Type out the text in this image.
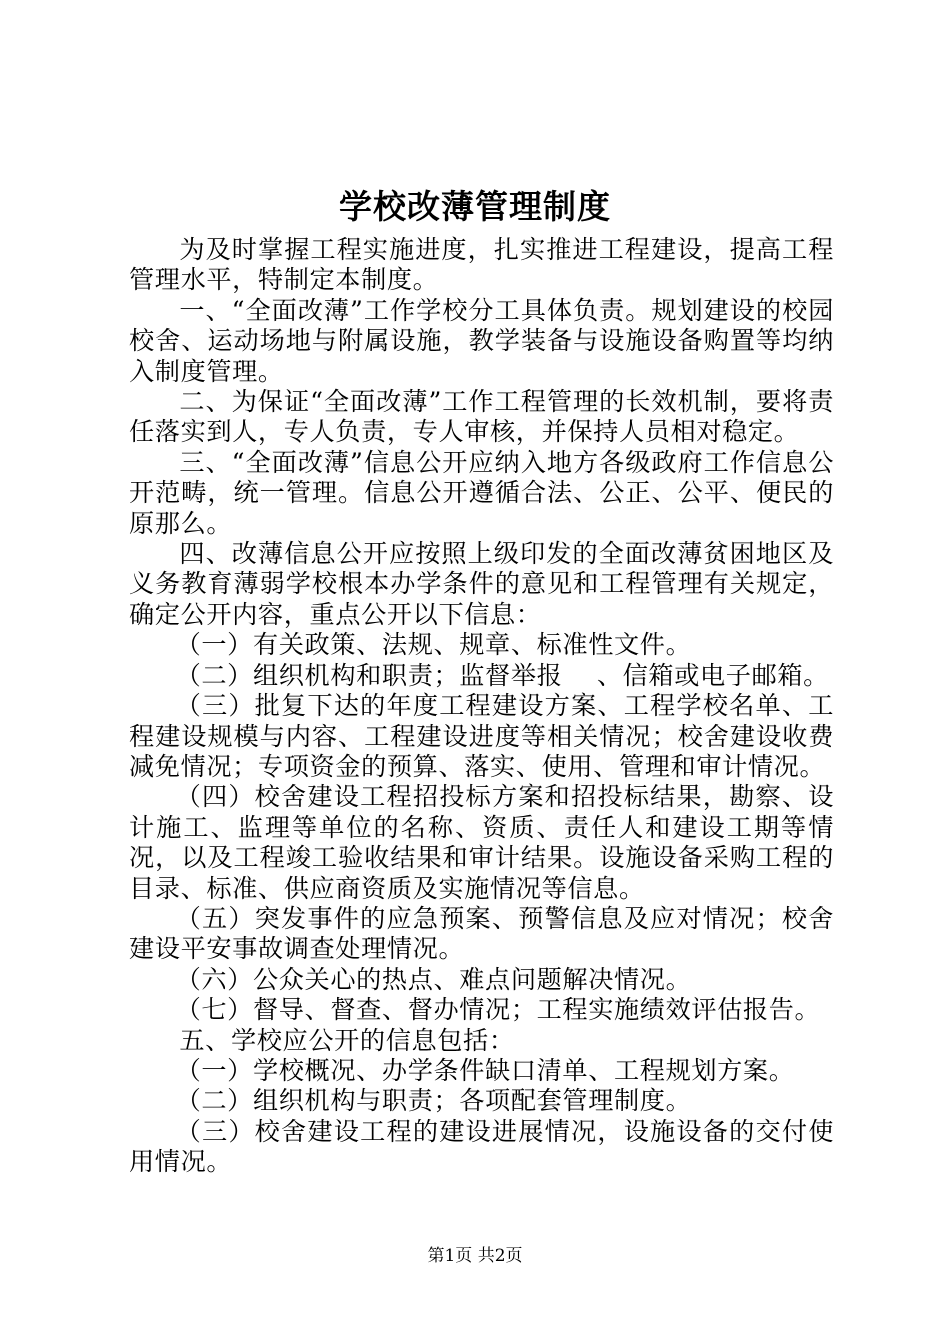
学校改薄管理制度

为及时掌握工程实施进度，扎实推进工程建设，提高工程管理水平，特制定本制度。

一、“全面改薄”工作学校分工具体负责。规划建设的校园校舍、运动场地与附属设施，教学装备与设施设备购置等均纳入制度管理。

二、为保证“全面改薄”工作工程管理的长效机制，要将责任落实到人，专人负责，专人审核，并保持人员相对稳定。

三、“全面改薄”信息公开应纳入地方各级政府工作信息公开范畴，统一管理。信息公开遵循合法、公正、公平、便民的原那么。

四、改薄信息公开应按照上级印发的全面改薄贫困地区及义务教育薄弱学校根本办学条件的意见和工程管理有关规定，确定公开内容，重点公开以下信息：

（一）有关政策、法规、规章、标准性文件。

（二）组织机构和职责；监督举报    、信箱或电子邮箱。

（三）批复下达的年度工程建设方案、工程学校名单、工程建设规模与内容、工程建设进度等相关情况；校舍建设收费减免情况；专项资金的预算、落实、使用、管理和审计情况。

（四）校舍建设工程招投标方案和招投标结果，勘察、设计施工、监理等单位的名称、资质、责任人和建设工期等情况，以及工程竣工验收结果和审计结果。设施设备采购工程的目录、标准、供应商资质及实施情况等信息。

（五）突发事件的应急预案、预警信息及应对情况；校舍建设平安事故调查处理情况。

（六）公众关心的热点、难点问题解决情况。

（七）督导、督查、督办情况；工程实施绩效评估报告。

五、学校应公开的信息包括：

（一）学校概况、办学条件缺口清单、工程规划方案。

（二）组织机构与职责；各项配套管理制度。

（三）校舍建设工程的建设进展情况，设施设备的交付使用情况。

第1页 共2页
